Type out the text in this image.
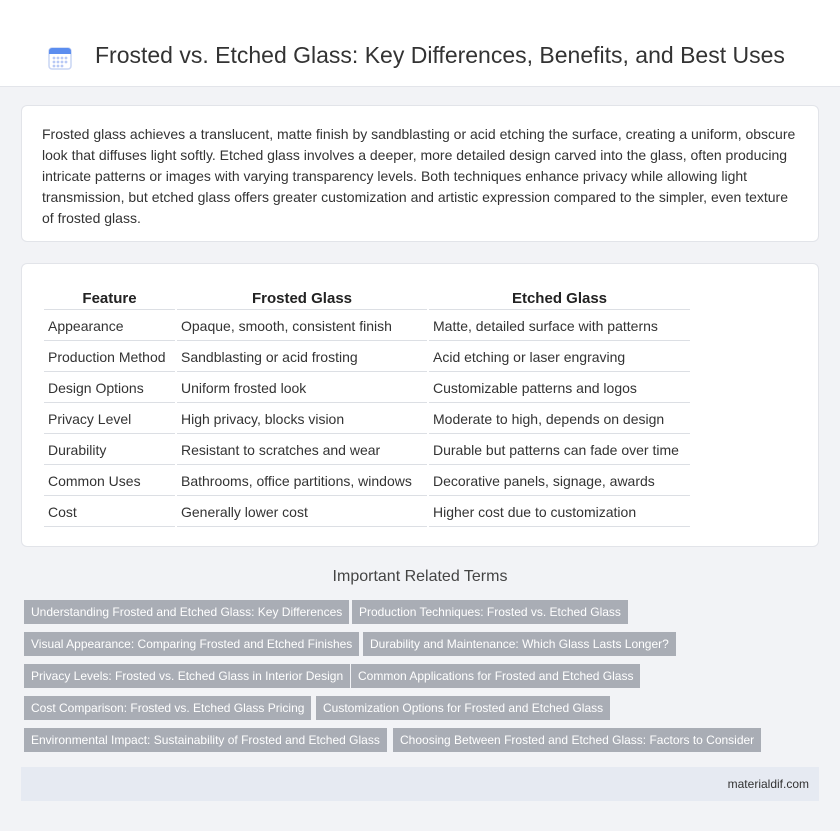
Frosted vs. Etched Glass: Key Differences, Benefits, and Best Uses

Frosted glass achieves a translucent, matte finish by sandblasting or acid etching the surface, creating a uniform, obscure look that diffuses light softly. Etched glass involves a deeper, more detailed design carved into the glass, often producing intricate patterns or images with varying transparency levels. Both techniques enhance privacy while allowing light transmission, but etched glass offers greater customization and artistic expression compared to the simpler, even texture of frosted glass.

Feature	Frosted Glass	Etched Glass
Appearance	Opaque, smooth, consistent finish	Matte, detailed surface with patterns
Production Method	Sandblasting or acid frosting	Acid etching or laser engraving
Design Options	Uniform frosted look	Customizable patterns and logos
Privacy Level	High privacy, blocks vision	Moderate to high, depends on design
Durability	Resistant to scratches and wear	Durable but patterns can fade over time
Common Uses	Bathrooms, office partitions, windows	Decorative panels, signage, awards
Cost	Generally lower cost	Higher cost due to customization
Important Related Terms
Understanding Frosted and Etched Glass: Key Differences	Production Techniques: Frosted vs. Etched Glass
Visual Appearance: Comparing Frosted and Etched Finishes	Durability and Maintenance: Which Glass Lasts Longer?
Privacy Levels: Frosted vs. Etched Glass in Interior Design	Common Applications for Frosted and Etched Glass
Cost Comparison: Frosted vs. Etched Glass Pricing	Customization Options for Frosted and Etched Glass
Environmental Impact: Sustainability of Frosted and Etched Glass	Choosing Between Frosted and Etched Glass: Factors to Consider
materialdif.com
